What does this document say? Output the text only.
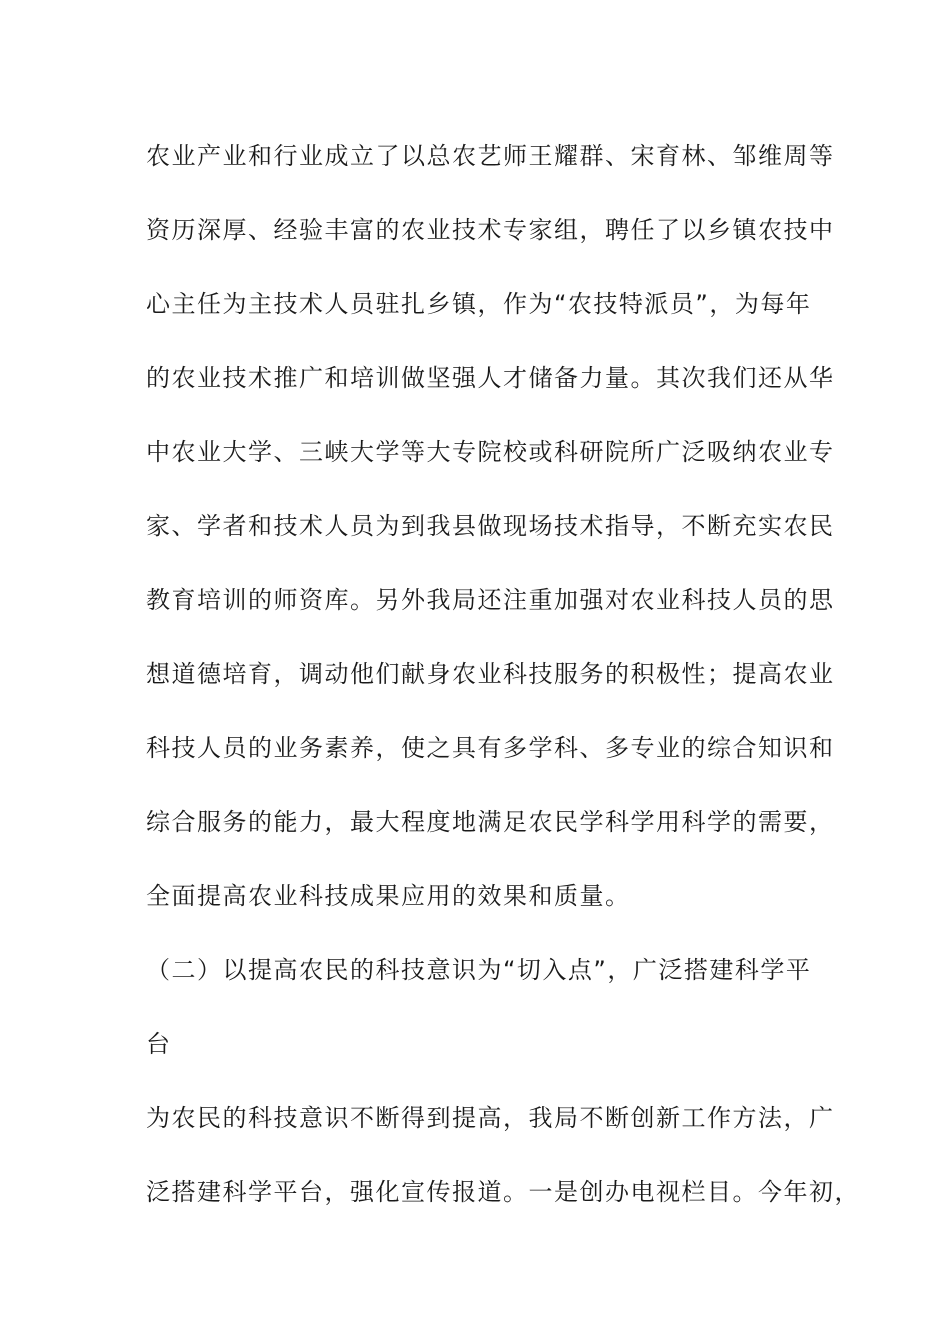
农业产业和行业成立了以总农艺师王耀群、宋育林、邹维周等
资历深厚、经验丰富的农业技术专家组，聘任了以乡镇农技中
心主任为主技术人员驻扎乡镇，作为“农技特派员”，为每年
的农业技术推广和培训做坚强人才储备力量。其次我们还从华
中农业大学、三峡大学等大专院校或科研院所广泛吸纳农业专
家、学者和技术人员为到我县做现场技术指导，不断充实农民
教育培训的师资库。另外我局还注重加强对农业科技人员的思
想道德培育，调动他们献身农业科技服务的积极性；提高农业
科技人员的业务素养，使之具有多学科、多专业的综合知识和
综合服务的能力，最大程度地满足农民学科学用科学的需要，
全面提高农业科技成果应用的效果和质量。
（二）以提高农民的科技意识为“切入点”，广泛搭建科学平
台
为农民的科技意识不断得到提高，我局不断创新工作方法，广
泛搭建科学平台，强化宣传报道。一是创办电视栏目。今年初，
